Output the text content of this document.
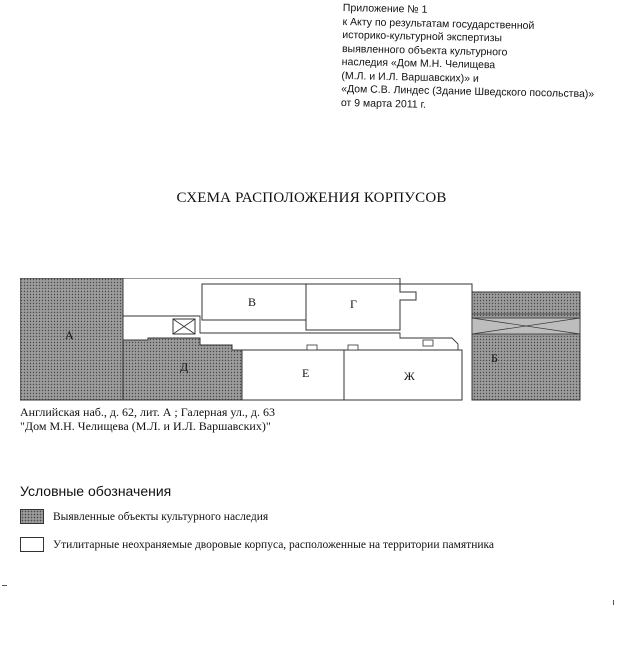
Приложение № 1
к Акту по результатам государственной
историко-культурной экспертизы
выявленного объекта культурного
наследия «Дом М.Н. Челищева
(М.Л. и И.Л. Варшавских)» и
«Дом С.В. Линдес (Здание Шведского посольства)»
от 9 марта 2011 г.
СХЕМА РАСПОЛОЖЕНИЯ КОРПУСОВ
А
В	Г
Д	Е	Ж
Б
Английская наб., д. 62, лит. А ; Галерная ул., д. 63
"Дом М.Н. Челищева (М.Л. и И.Л. Варшавских)"
Условные обозначения
Выявленные объекты культурного наследия
Утилитарные неохраняемые дворовые корпуса, расположенные на территории памятника
